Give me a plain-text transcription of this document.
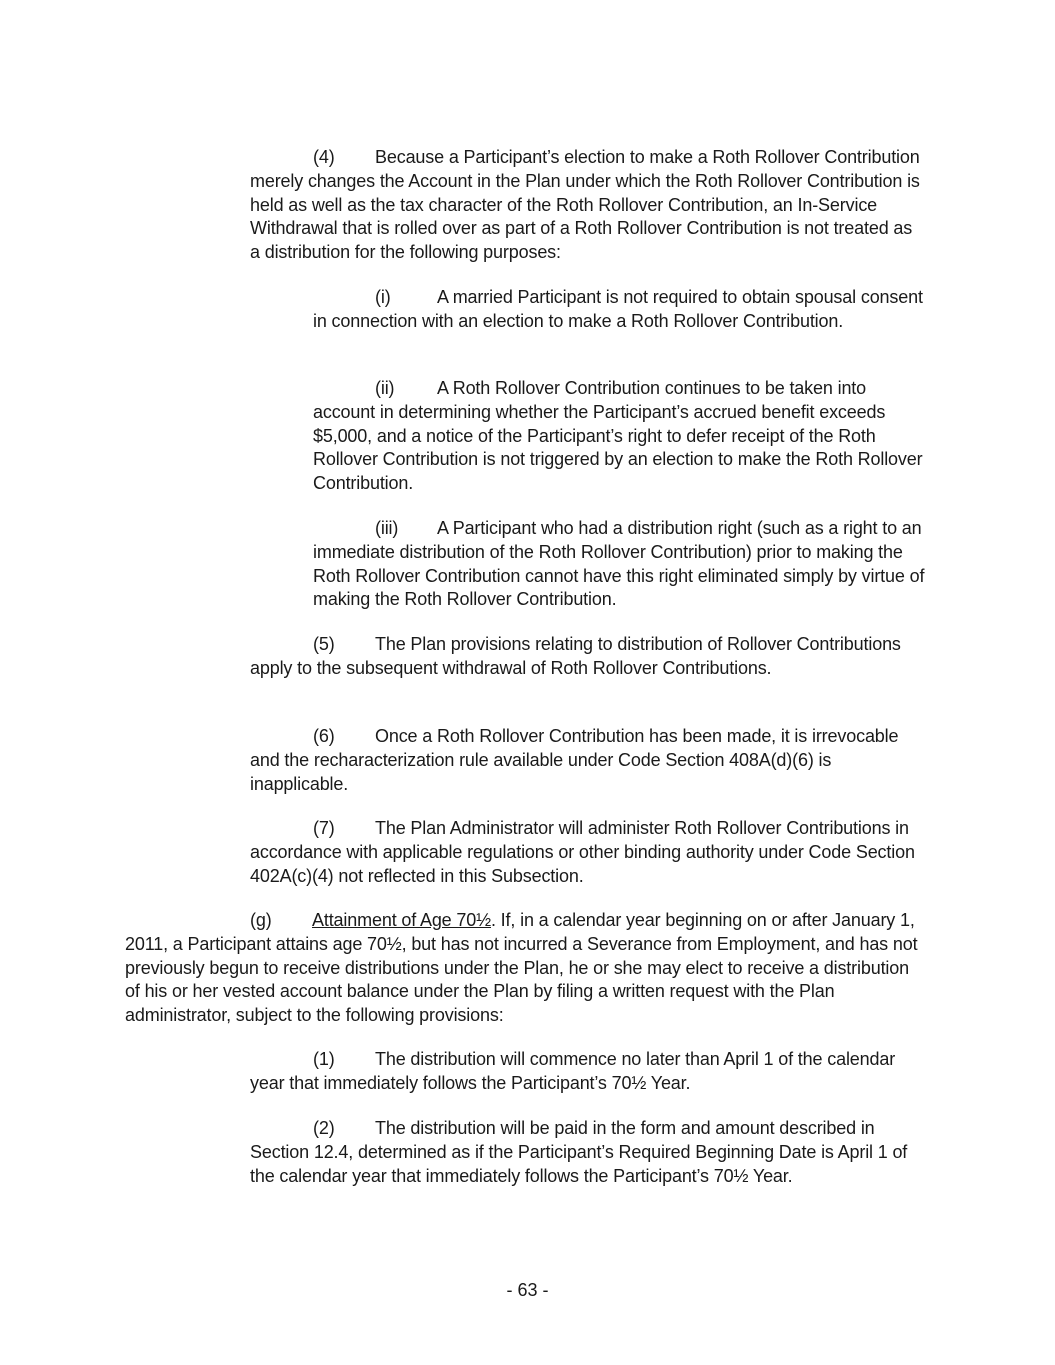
(4) Because a Participant’s election to make a Roth Rollover Contribution merely changes the Account in the Plan under which the Roth Rollover Contribution is held as well as the tax character of the Roth Rollover Contribution, an In-Service Withdrawal that is rolled over as part of a Roth Rollover Contribution is not treated as a distribution for the following purposes:

(i)	A married Participant is not required to obtain spousal consent in connection with an election to make a Roth Rollover Contribution.

(ii) A Roth Rollover Contribution continues to be taken into account in determining whether the Participant’s accrued benefit exceeds $5,000, and a notice of the Participant’s right to defer receipt of the Roth Rollover Contribution is not triggered by an election to make the Roth Rollover Contribution.

(iii) A Participant who had a distribution right (such as a right to an immediate distribution of the Roth Rollover Contribution) prior to making the Roth Rollover Contribution cannot have this right eliminated simply by virtue of making the Roth Rollover Contribution.

(5) The Plan provisions relating to distribution of Rollover Contributions apply to the subsequent withdrawal of Roth Rollover Contributions.

(6) Once a Roth Rollover Contribution has been made, it is irrevocable and the recharacterization rule available under Code Section 408A(d)(6) is inapplicable.

(7) The Plan Administrator will administer Roth Rollover Contributions in accordance with applicable regulations or other binding authority under Code Section 402A(c)(4) not reflected in this Subsection.

(g) Attainment of Age 70½. If, in a calendar year beginning on or after January 1, 2011, a Participant attains age 70½, but has not incurred a Severance from Employment, and has not previously begun to receive distributions under the Plan, he or she may elect to receive a distribution of his or her vested account balance under the Plan by filing a written request with the Plan administrator, subject to the following provisions:

(1) The distribution will commence no later than April 1 of the calendar year that immediately follows the Participant’s 70½ Year.

(2) The distribution will be paid in the form and amount described in Section 12.4, determined as if the Participant’s Required Beginning Date is April 1 of the calendar year that immediately follows the Participant’s 70½ Year.

- 63 -
